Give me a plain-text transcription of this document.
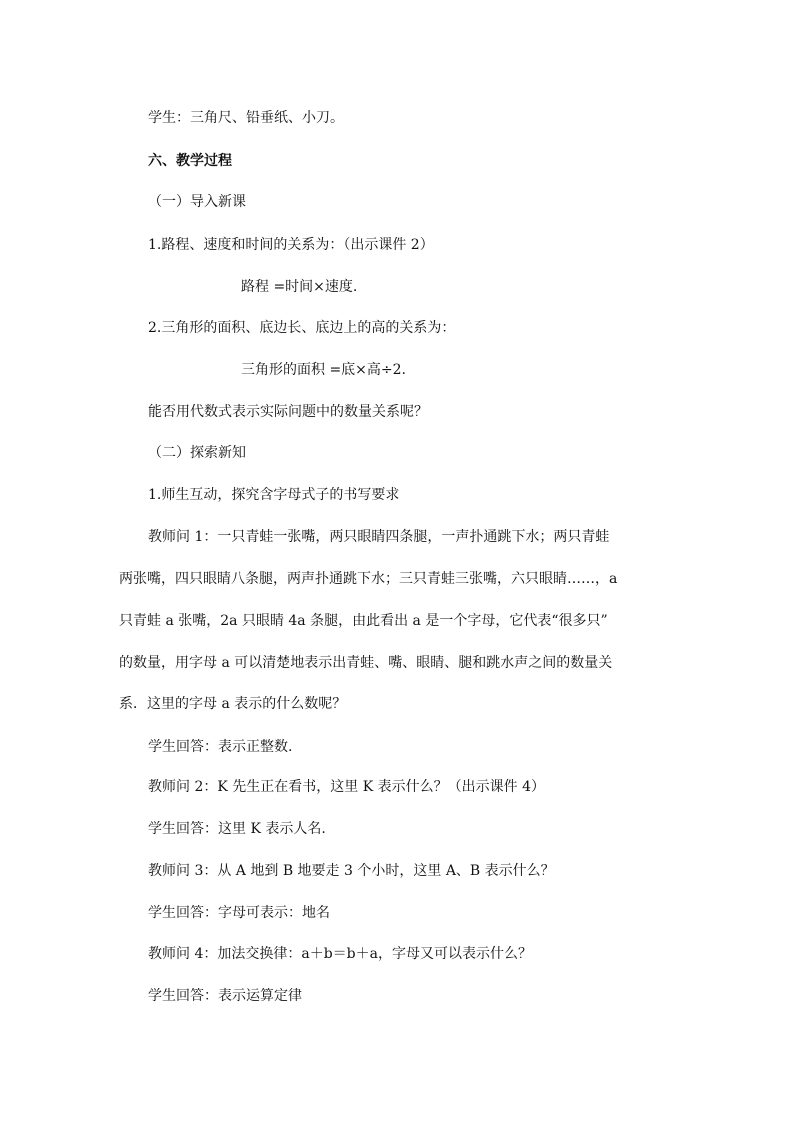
学生：三角尺、铅垂纸、小刀。
六、教学过程
（一）导入新课
1.路程、速度和时间的关系为：（出示课件 2）
路程 =时间×速度.
2.三角形的面积、底边长、底边上的高的关系为：
三角形的面积 =底×高÷2.
能否用代数式表示实际问题中的数量关系呢？
（二）探索新知
1.师生互动，探究含字母式子的书写要求
教师问 1：一只青蛙一张嘴，两只眼睛四条腿，一声扑通跳下水；两只青蛙
两张嘴，四只眼睛八条腿，两声扑通跳下水；三只青蛙三张嘴，六只眼睛……，a
只青蛙 a 张嘴，2a 只眼睛 4a 条腿，由此看出 a 是一个字母，它代表“很多只”
的数量，用字母 a 可以清楚地表示出青蛙、嘴、眼睛、腿和跳水声之间的数量关
系．这里的字母 a 表示的什么数呢？
学生回答：表示正整数.
教师问 2：K 先生正在看书，这里 K 表示什么？（出示课件 4）
学生回答：这里 K 表示人名.
教师问 3：从 A 地到 B 地要走 3 个小时，这里 A、B 表示什么？
学生回答：字母可表示：地名
教师问 4：加法交换律：a＋b＝b＋a，字母又可以表示什么？
学生回答：表示运算定律
